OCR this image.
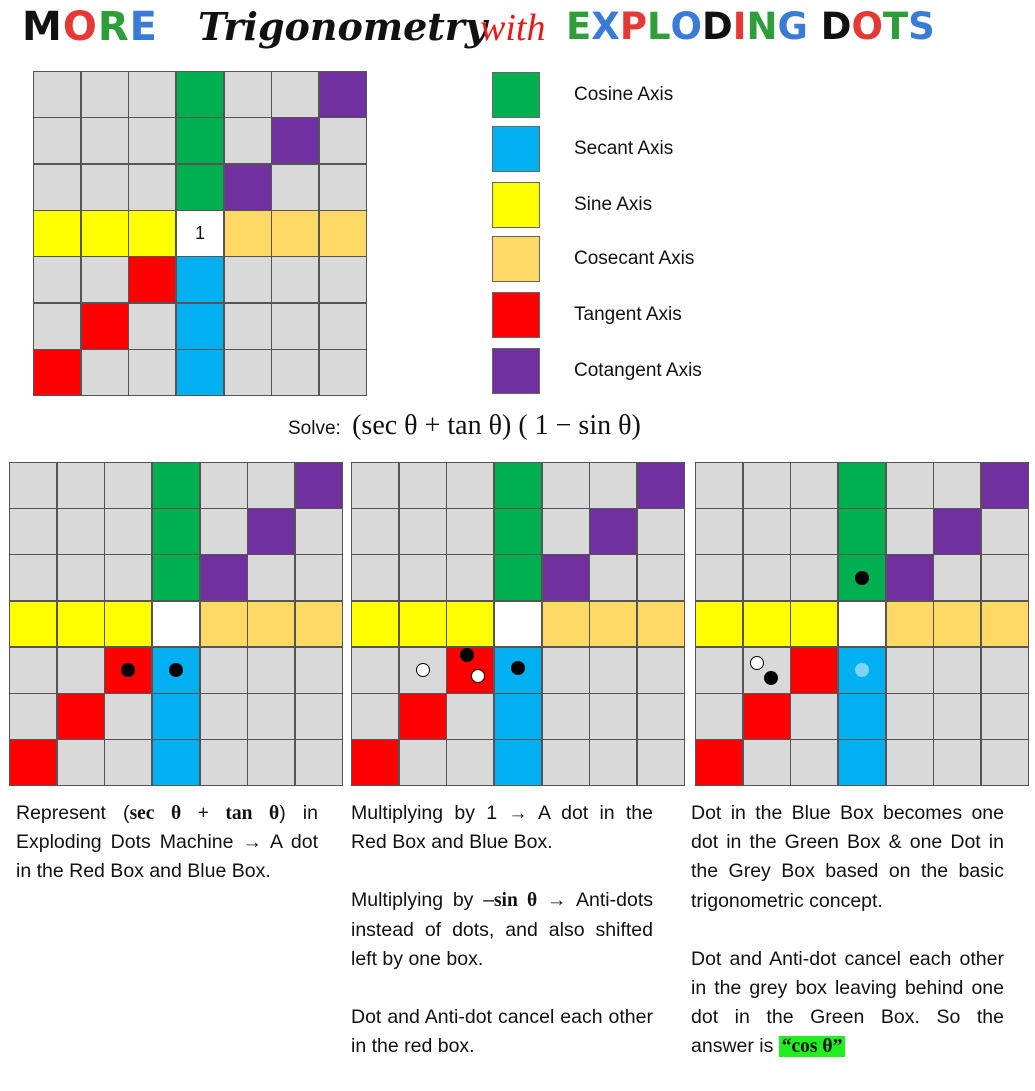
MORE Trigonometry
with EXPLODING DOTS
1
Cosine Axis
Secant Axis
Sine Axis
Cosecant Axis
Tangent Axis
Cotangent Axis
Solve: (sec θ + tan θ) ( 1 − sin θ)

Represent (sec θ + tan θ) in Exploding Dots Machine → A dot in the Red Box and Blue Box.

Multiplying by 1 → A dot in the Red Box and Blue Box.

Multiplying by –sin θ → Anti-dots instead of dots, and also shifted left by one box.

Dot and Anti-dot cancel each other in the red box.

Dot in the Blue Box becomes one dot in the Green Box & one Dot in the Grey Box based on the basic trigonometric concept.

Dot and Anti-dot cancel each other in the grey box leaving behind one dot in the Green Box. So the answer is “cos θ”
